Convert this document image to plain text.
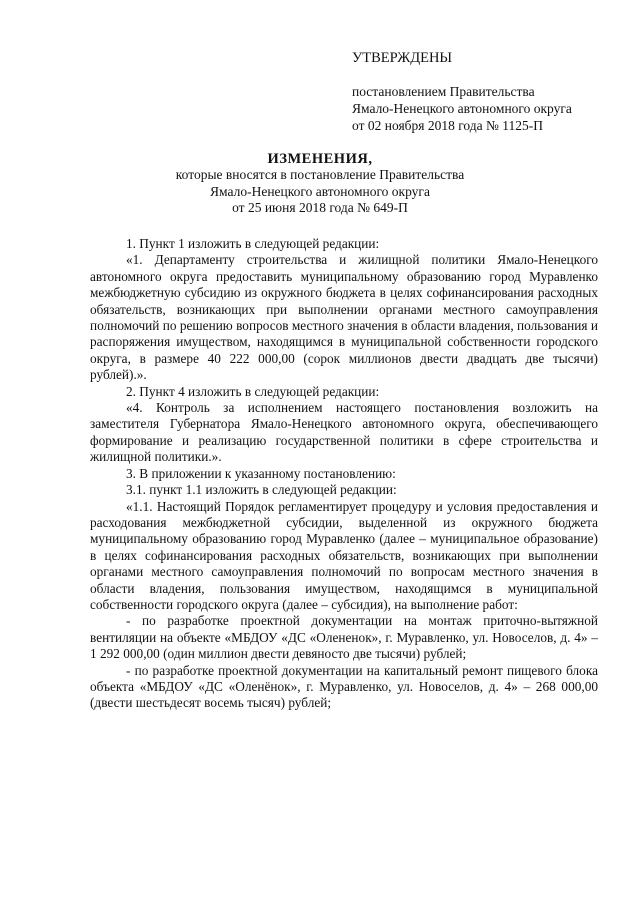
УТВЕРЖДЕНЫ
постановлением Правительства
Ямало-Ненецкого автономного округа
от 02 ноября 2018 года № 1125-П
ИЗМЕНЕНИЯ,
которые вносятся в постановление Правительства
Ямало-Ненецкого автономного округа
от 25 июня 2018 года № 649-П

1. Пункт 1 изложить в следующей редакции:

«1. Департаменту строительства и жилищной политики Ямало-Ненецкого автономного округа предоставить муниципальному образованию город Муравленко межбюджетную субсидию из окружного бюджета в целях софинансирования расходных обязательств, возникающих при выполнении органами местного самоуправления полномочий по решению вопросов местного значения в области владения, пользования и распоряжения имуществом, находящимся в муниципальной собственности городского округа, в размере 40 222 000,00 (сорок миллионов двести двадцать две тысячи) рублей).».

2. Пункт 4 изложить в следующей редакции:

«4. Контроль за исполнением настоящего постановления возложить на заместителя Губернатора Ямало-Ненецкого автономного округа, обеспечивающего формирование и реализацию государственной политики в сфере строительства и жилищной политики.».

3. В приложении к указанному постановлению:

3.1. пункт 1.1 изложить в следующей редакции:

«1.1. Настоящий Порядок регламентирует процедуру и условия предоставления и расходования межбюджетной субсидии, выделенной из окружного бюджета муниципальному образованию город Муравленко (далее – муниципальное образование) в целях софинансирования расходных обязательств, возникающих при выполнении органами местного самоуправления полномочий по вопросам местного значения в области владения, пользования имуществом, находящимся в муниципальной собственности городского округа (далее – субсидия), на выполнение работ:

- по разработке проектной документации на монтаж приточно-вытяжной вентиляции на объекте «МБДОУ «ДС «Олененок», г. Муравленко, ул. Новоселов, д. 4» – 1 292 000,00 (один миллион двести девяносто две тысячи) рублей;

- по разработке проектной документации на капитальный ремонт пищевого блока объекта «МБДОУ «ДС «Оленёнок», г. Муравленко, ул. Новоселов, д. 4» – 268 000,00 (двести шестьдесят восемь тысяч) рублей;
